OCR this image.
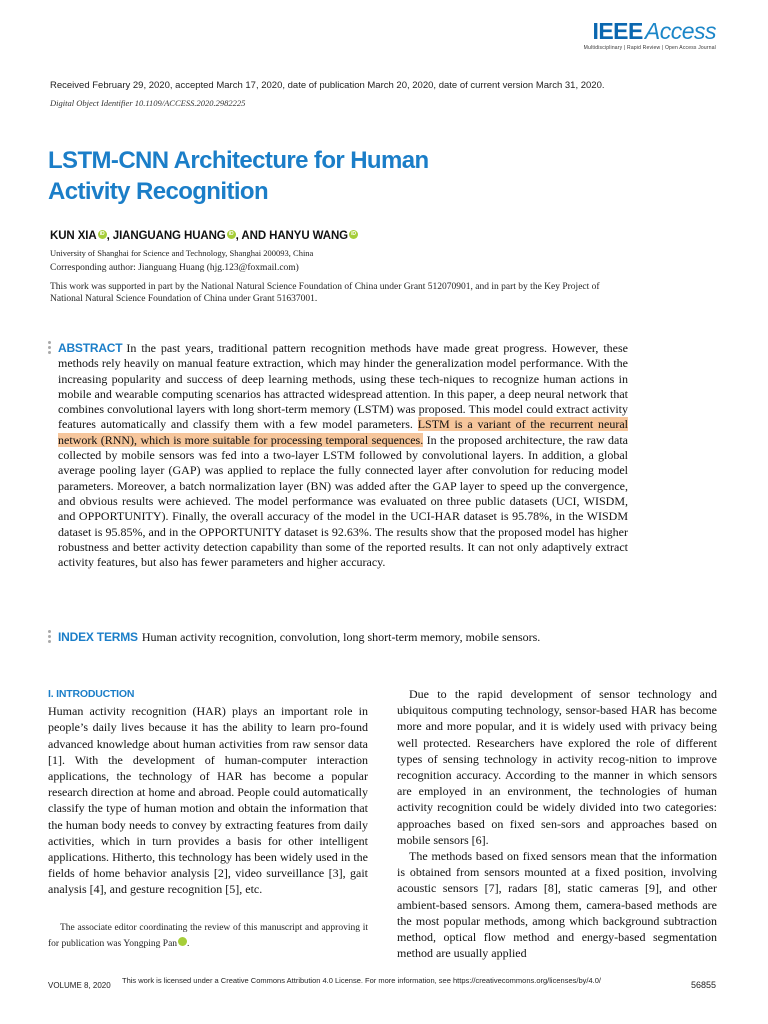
IEEEAccess
Multidisciplinary | Rapid Review | Open Access Journal
Received February 29, 2020, accepted March 17, 2020, date of publication March 20, 2020, date of current version March 31, 2020.
Digital Object Identifier 10.1109/ACCESS.2020.2982225
LSTM-CNN Architecture for Human
Activity Recognition
KUN XIA iD , JIANGUANG HUANG iD , AND HANYU WANG iD
University of Shanghai for Science and Technology, Shanghai 200093, China
Corresponding author: Jianguang Huang (hjg.123@foxmail.com)
This work was supported in part by the National Natural Science Foundation of China under Grant 512070901, and in part by the Key Project of National Natural Science Foundation of China under Grant 51637001.

ABSTRACT In the past years, traditional pattern recognition methods have made great progress. However, these methods rely heavily on manual feature extraction, which may hinder the generalization model performance. With the increasing popularity and success of deep learning methods, using these tech-niques to recognize human actions in mobile and wearable computing scenarios has attracted widespread attention. In this paper, a deep neural network that combines convolutional layers with long short-term memory (LSTM) was proposed. This model could extract activity features automatically and classify them with a few model parameters. LSTM is a variant of the recurrent neural network (RNN), which is more suitable for processing temporal sequences. In the proposed architecture, the raw data collected by mobile sensors was fed into a two-layer LSTM followed by convolutional layers. In addition, a global average pooling layer (GAP) was applied to replace the fully connected layer after convolution for reducing model parameters. Moreover, a batch normalization layer (BN) was added after the GAP layer to speed up the convergence, and obvious results were achieved. The model performance was evaluated on three public datasets (UCI, WISDM, and OPPORTUNITY). Finally, the overall accuracy of the model in the UCI-HAR dataset is 95.78%, in the WISDM dataset is 95.85%, and in the OPPORTUNITY dataset is 92.63%. The results show that the proposed model has higher robustness and better activity detection capability than some of the reported results. It can not only adaptively extract activity features, but also has fewer parameters and higher accuracy.

INDEX TERMS Human activity recognition, convolution, long short-term memory, mobile sensors.

I. INTRODUCTION

Human activity recognition (HAR) plays an important role in people’s daily lives because it has the ability to learn pro-found advanced knowledge about human activities from raw sensor data [1]. With the development of human-computer interaction applications, the technology of HAR has become a popular research direction at home and abroad. People could automatically classify the type of human motion and obtain the information that the human body needs to convey by extracting features from daily activities, which in turn provides a basis for other intelligent applications. Hitherto, this technology has been widely used in the fields of home behavior analysis [2], video surveillance [3], gait analysis [4], and gesture recognition [5], etc.

The associate editor coordinating the review of this manuscript and approving it for publication was Yongping Pan	iD.

Due to the rapid development of sensor technology and ubiquitous computing technology, sensor-based HAR has become more and more popular, and it is widely used with privacy being well protected. Researchers have explored the role of different types of sensing technology in activity recog-nition to improve recognition accuracy. According to the manner in which sensors are employed in an environment, the technologies of human activity recognition could be widely divided into two categories: approaches based on fixed sen-sors and approaches based on mobile sensors [6].

The methods based on fixed sensors mean that the information is obtained from sensors mounted at a fixed position, involving acoustic sensors [7], radars [8], static cameras [9], and other ambient-based sensors. Among them, camera-based methods are the most popular methods, among which background subtraction method, optical flow method and energy-based segmentation method are usually applied

VOLUME 8, 2020
This work is licensed under a Creative Commons Attribution 4.0 License. For more information, see https://creativecommons.org/licenses/by/4.0/	56855
